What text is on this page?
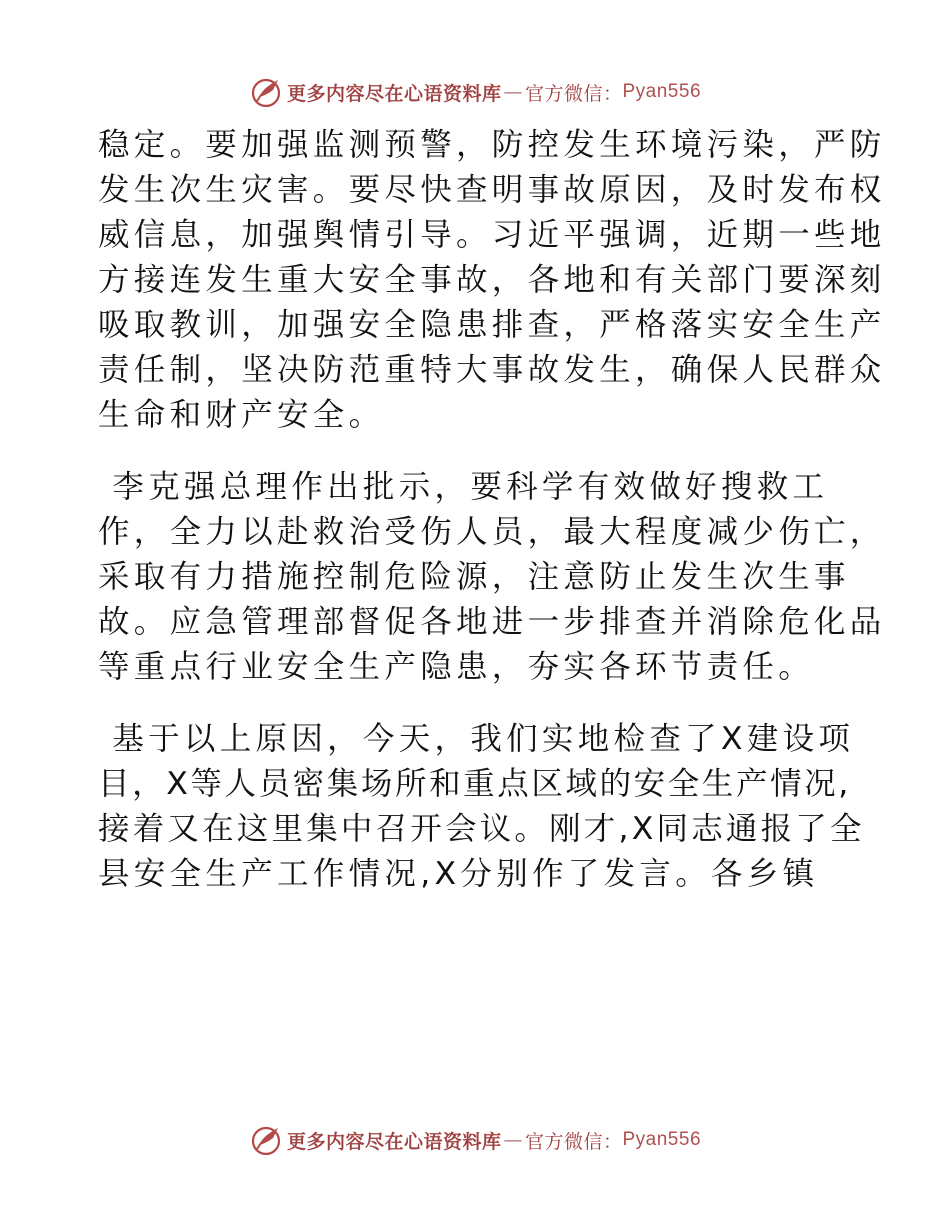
更多内容尽在心语资料库 — 官方微信： Pyan556
稳定。要加强监测预警，防控发生环境污染，严防
发生次生灾害。要尽快查明事故原因，及时发布权
威信息，加强舆情引导。习近平强调，近期一些地
方接连发生重大安全事故，各地和有关部门要深刻
吸取教训，加强安全隐患排查，严格落实安全生产
责任制，坚决防范重特大事故发生，确保人民群众
生命和财产安全。
李克强总理作出批示，要科学有效做好搜救工
作，全力以赴救治受伤人员，最大程度减少伤亡，
采取有力措施控制危险源，注意防止发生次生事
故。应急管理部督促各地进一步排查并消除危化品
等重点行业安全生产隐患，夯实各环节责任。
基于以上原因，今天，我们实地检查了X建设项
目，X等人员密集场所和重点区域的安全生产情况,
接着又在这里集中召开会议。刚才,X同志通报了全
县安全生产工作情况,X分别作了发言。各乡镇
更多内容尽在心语资料库 — 官方微信： Pyan556
